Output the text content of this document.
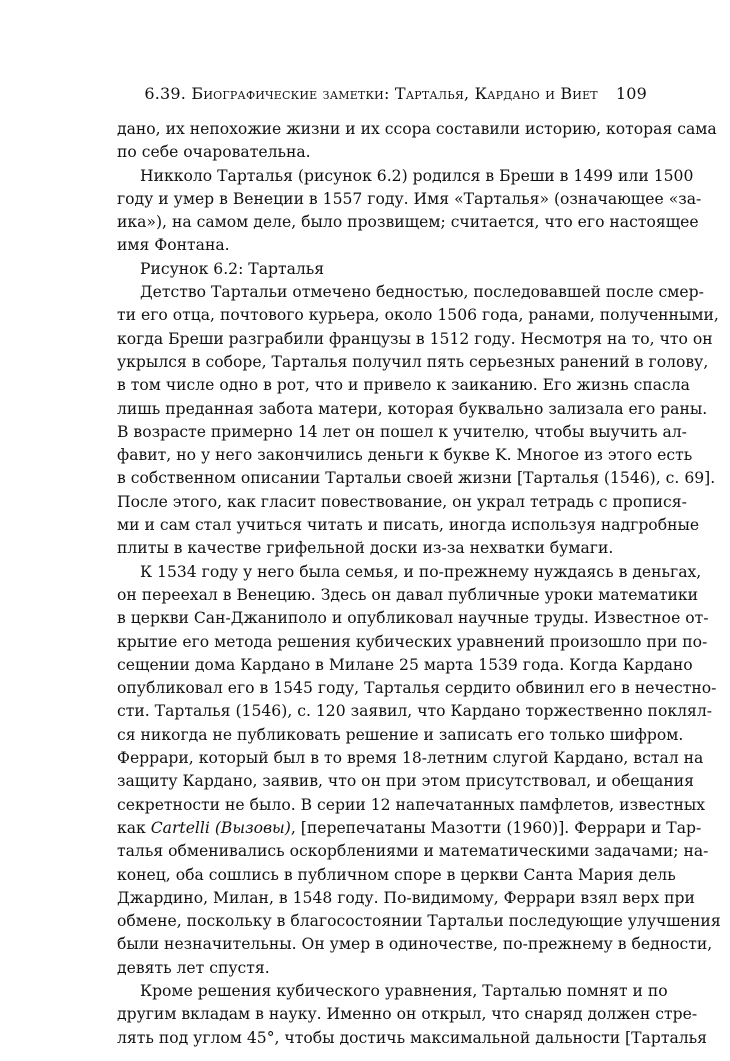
6.39. Биографические заметки: Тарталья, Кардано и Виет 109
дано, их непохожие жизни и их ссора составили историю, которая сама
по себе очаровательна.
Никколо Тарталья (рисунок 6.2) родился в Бреши в 1499 или 1500
году и умер в Венеции в 1557 году. Имя «Тарталья» (означающее «за-
ика»), на самом деле, было прозвищем; считается, что его настоящее
имя Фонтана.
Рисунок 6.2: Тарталья
Детство Тартальи отмечено бедностью, последовавшей после смер-
ти его отца, почтового курьера, около 1506 года, ранами, полученными,
когда Бреши разграбили французы в 1512 году. Несмотря на то, что он
укрылся в соборе, Тарталья получил пять серьезных ранений в голову,
в том числе одно в рот, что и привело к заиканию. Его жизнь спасла
лишь преданная забота матери, которая буквально зализала его раны.
В возрасте примерно 14 лет он пошел к учителю, чтобы выучить ал-
фавит, но у него закончились деньги к букве K. Многое из этого есть
в собственном описании Тартальи своей жизни [Тарталья (1546), с. 69].
После этого, как гласит повествование, он украл тетрадь с пропися-
ми и сам стал учиться читать и писать, иногда используя надгробные
плиты в качестве грифельной доски из-за нехватки бумаги.
К 1534 году у него была семья, и по-прежнему нуждаясь в деньгах,
он переехал в Венецию. Здесь он давал публичные уроки математики
в церкви Сан-Джаниполо и опубликовал научные труды. Известное от-
крытие его метода решения кубических уравнений произошло при по-
сещении дома Кардано в Милане 25 марта 1539 года. Когда Кардано
опубликовал его в 1545 году, Тарталья сердито обвинил его в нечестно-
сти. Тарталья (1546), с. 120 заявил, что Кардано торжественно поклял-
ся никогда не публиковать решение и записать его только шифром.
Феррари, который был в то время 18-летним слугой Кардано, встал на
защиту Кардано, заявив, что он при этом присутствовал, и обещания
секретности не было. В серии 12 напечатанных памфлетов, известных
как Cartelli (Вызовы), [перепечатаны Мазотти (1960)]. Феррари и Тар-
талья обменивались оскорблениями и математическими задачами; на-
конец, оба сошлись в публичном споре в церкви Санта Мария дель
Джардино, Милан, в 1548 году. По-видимому, Феррари взял верх при
обмене, поскольку в благосостоянии Тартальи последующие улучшения
были незначительны. Он умер в одиночестве, по-прежнему в бедности,
девять лет спустя.
Кроме решения кубического уравнения, Тарталью помнят и по
другим вкладам в науку. Именно он открыл, что снаряд должен стре-
лять под углом 45°, чтобы достичь максимальной дальности [Тарталья
